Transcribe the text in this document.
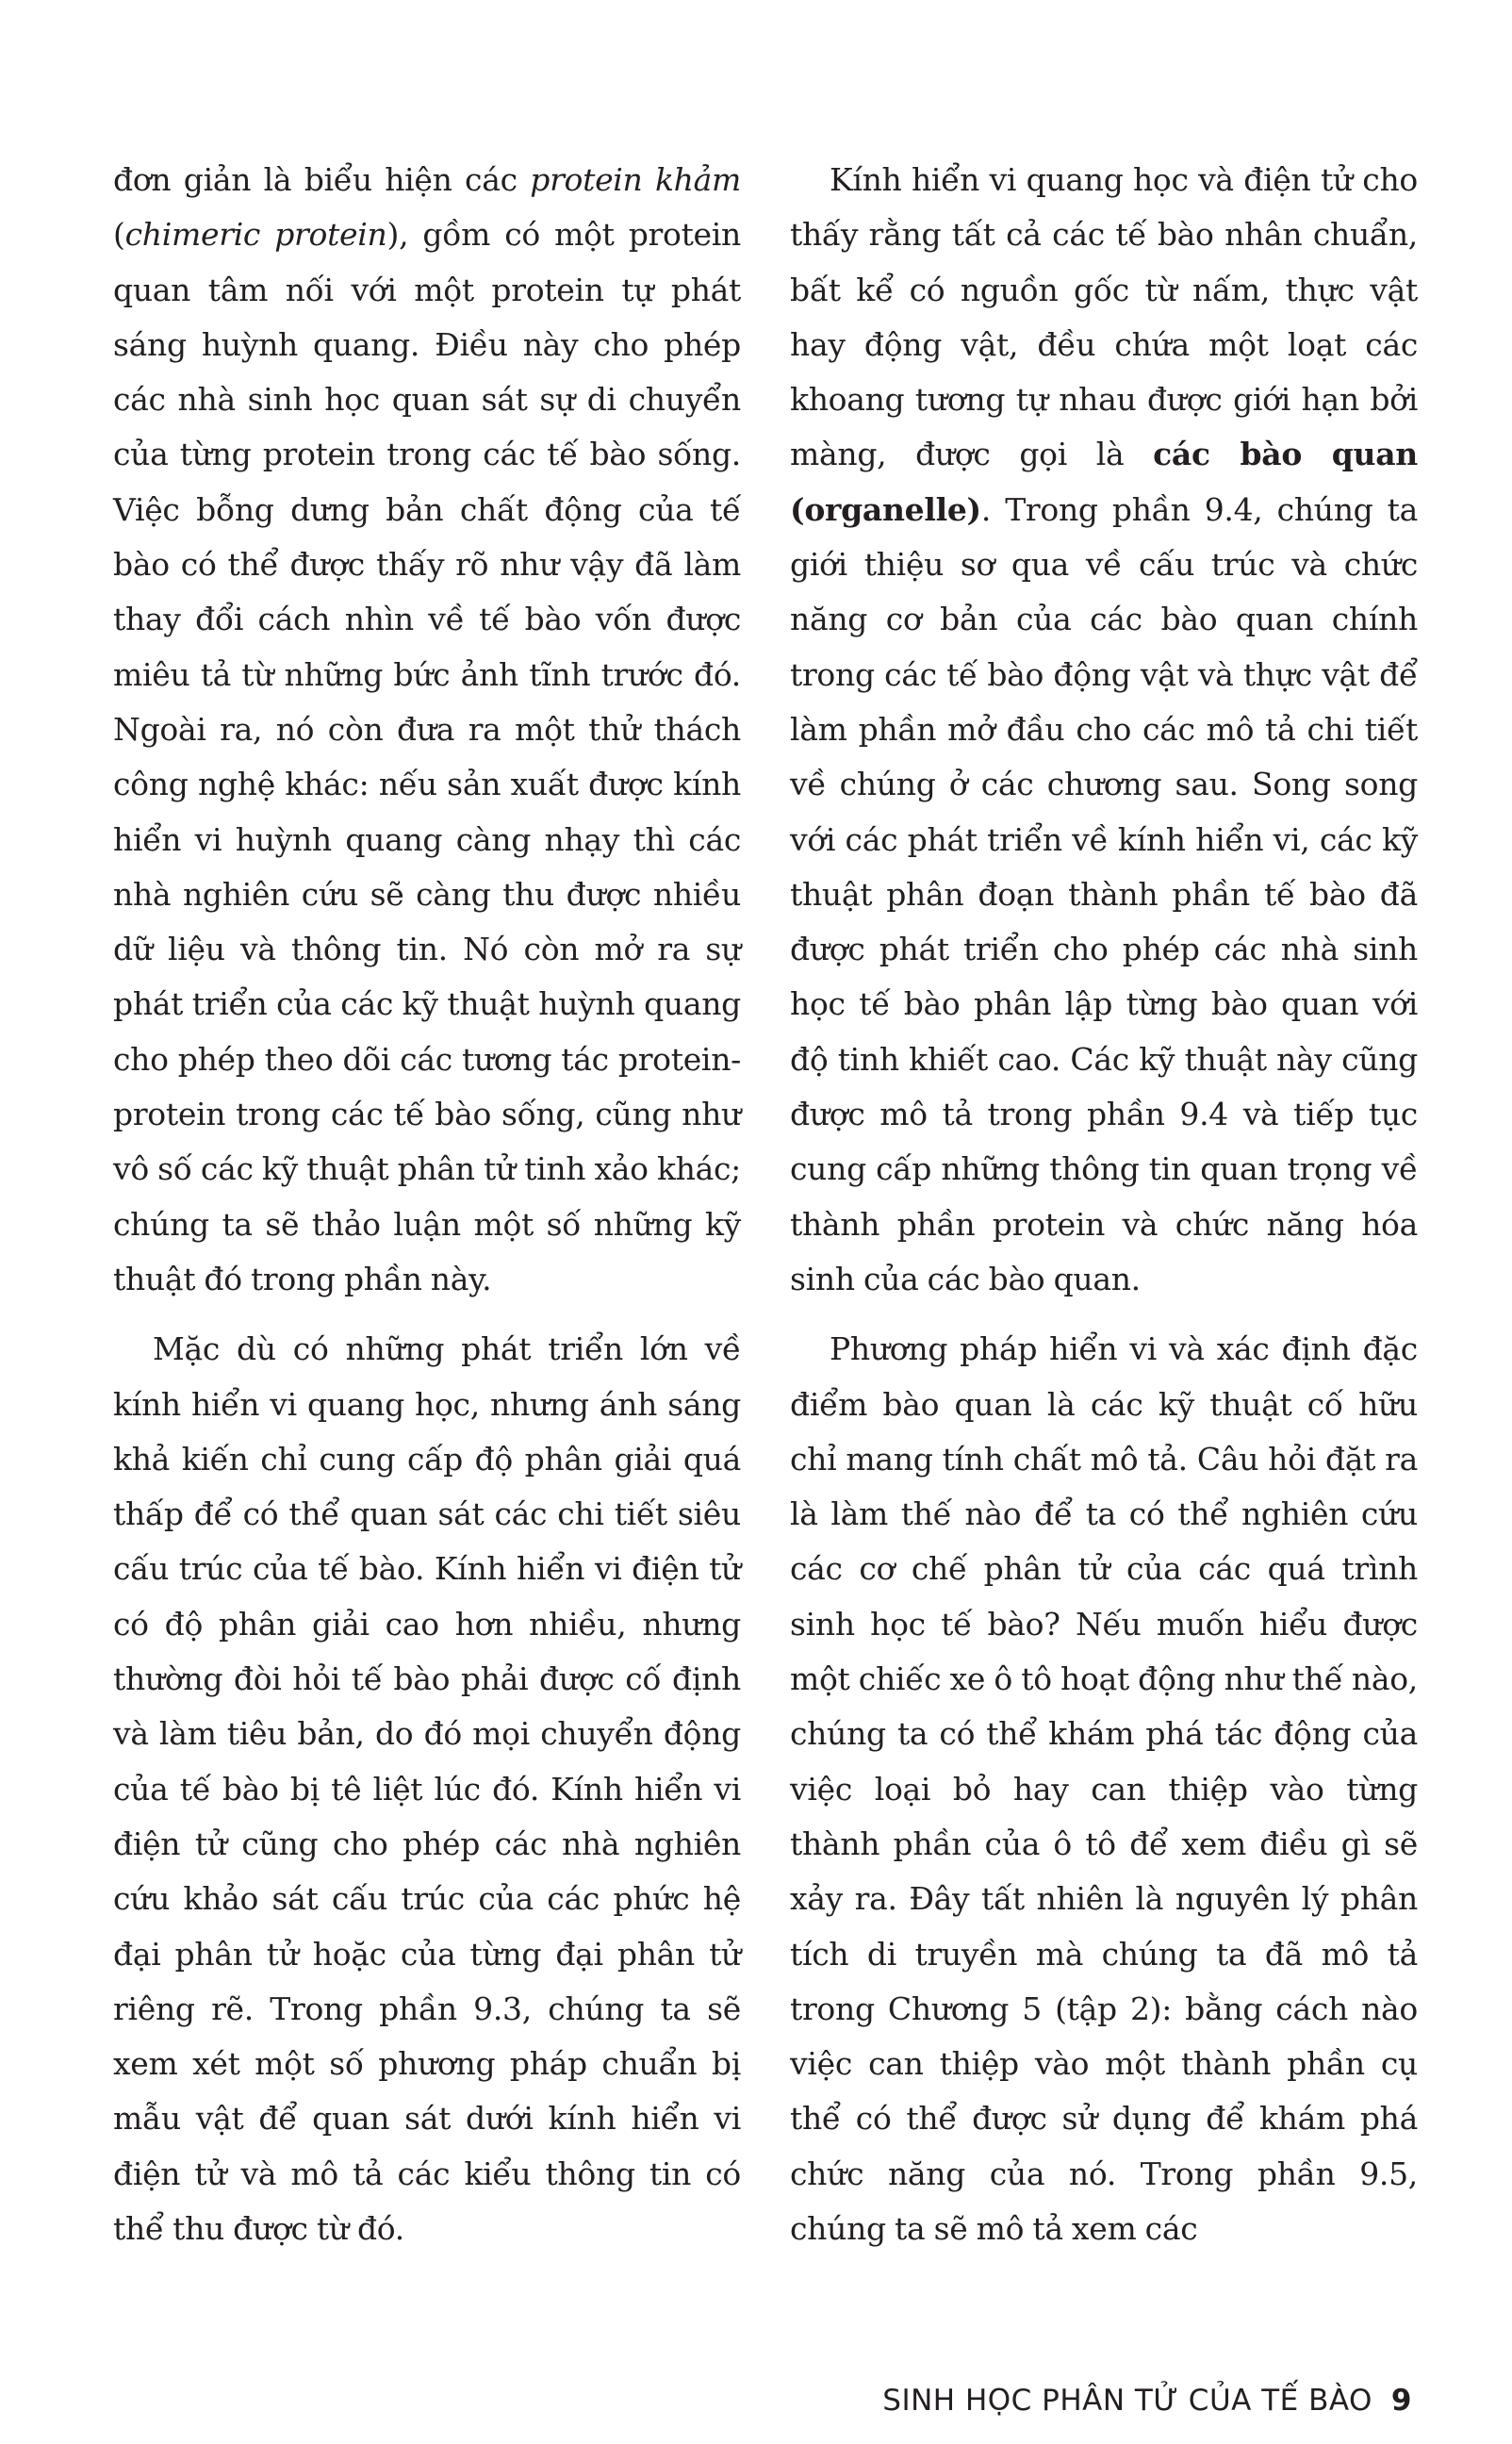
đơn giản là biểu hiện các protein khảm (chimeric protein), gồm có một protein quan tâm nối với một protein tự phát sáng huỳnh quang. Điều này cho phép các nhà sinh học quan sát sự di chuyển của từng protein trong các tế bào sống. Việc bỗng dưng bản chất động của tế bào có thể được thấy rõ như vậy đã làm thay đổi cách nhìn về tế bào vốn được miêu tả từ những bức ảnh tĩnh trước đó. Ngoài ra, nó còn đưa ra một thử thách công nghệ khác: nếu sản xuất được kính hiển vi huỳnh quang càng nhạy thì các nhà nghiên cứu sẽ càng thu được nhiều dữ liệu và thông tin. Nó còn mở ra sự phát triển của các kỹ thuật huỳnh quang cho phép theo dõi các tương tác protein-protein trong các tế bào sống, cũng như vô số các kỹ thuật phân tử tinh xảo khác; chúng ta sẽ thảo luận một số những kỹ thuật đó trong phần này.

Mặc dù có những phát triển lớn về kính hiển vi quang học, nhưng ánh sáng khả kiến chỉ cung cấp độ phân giải quá thấp để có thể quan sát các chi tiết siêu cấu trúc của tế bào. Kính hiển vi điện tử có độ phân giải cao hơn nhiều, nhưng thường đòi hỏi tế bào phải được cố định và làm tiêu bản, do đó mọi chuyển động của tế bào bị tê liệt lúc đó. Kính hiển vi điện tử cũng cho phép các nhà nghiên cứu khảo sát cấu trúc của các phức hệ đại phân tử hoặc của từng đại phân tử riêng rẽ. Trong phần 9.3, chúng ta sẽ xem xét một số phương pháp chuẩn bị mẫu vật để quan sát dưới kính hiển vi điện tử và mô tả các kiểu thông tin có thể thu được từ đó.

Kính hiển vi quang học và điện tử cho thấy rằng tất cả các tế bào nhân chuẩn, bất kể có nguồn gốc từ nấm, thực vật hay động vật, đều chứa một loạt các khoang tương tự nhau được giới hạn bởi màng, được gọi là các bào quan (organelle). Trong phần 9.4, chúng ta giới thiệu sơ qua về cấu trúc và chức năng cơ bản của các bào quan chính trong các tế bào động vật và thực vật để làm phần mở đầu cho các mô tả chi tiết về chúng ở các chương sau. Song song với các phát triển về kính hiển vi, các kỹ thuật phân đoạn thành phần tế bào đã được phát triển cho phép các nhà sinh học tế bào phân lập từng bào quan với độ tinh khiết cao. Các kỹ thuật này cũng được mô tả trong phần 9.4 và tiếp tục cung cấp những thông tin quan trọng về thành phần protein và chức năng hóa sinh của các bào quan.

Phương pháp hiển vi và xác định đặc điểm bào quan là các kỹ thuật cố hữu chỉ mang tính chất mô tả. Câu hỏi đặt ra là làm thế nào để ta có thể nghiên cứu các cơ chế phân tử của các quá trình sinh học tế bào? Nếu muốn hiểu được một chiếc xe ô tô hoạt động như thế nào, chúng ta có thể khám phá tác động của việc loại bỏ hay can thiệp vào từng thành phần của ô tô để xem điều gì sẽ xảy ra. Đây tất nhiên là nguyên lý phân tích di truyền mà chúng ta đã mô tả trong Chương 5 (tập 2): bằng cách nào việc can thiệp vào một thành phần cụ thể có thể được sử dụng để khám phá chức năng của nó. Trong phần 9.5, chúng ta sẽ mô tả xem các

SINH HỌC PHÂN TỬ CỦA TẾ BÀO 9
